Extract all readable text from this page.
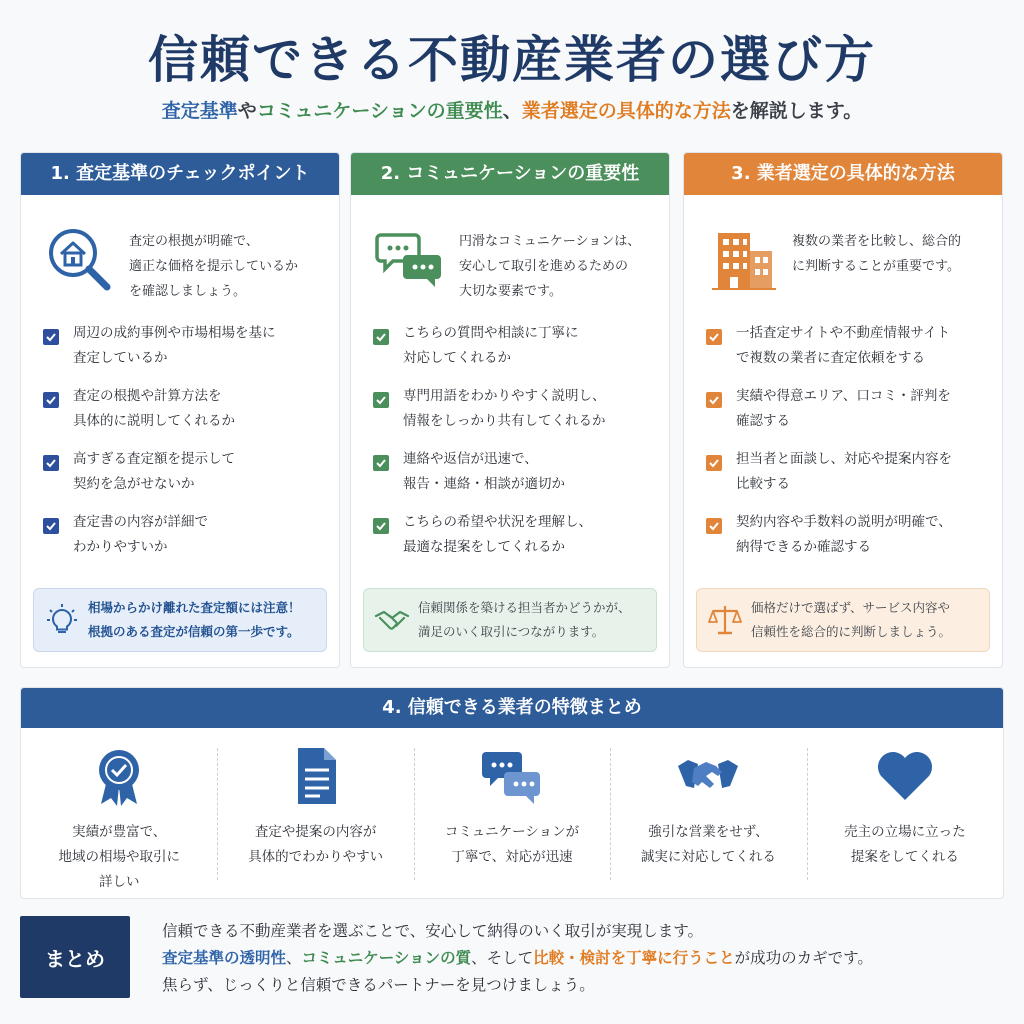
信頼できる不動産業者の選び方
査定基準やコミュニケーションの重要性、業者選定の具体的な方法を解説します。
1. 査定基準のチェックポイント
査定の根拠が明確で、
適正な価格を提示しているか
を確認しましょう。
周辺の成約事例や市場相場を基に
査定しているか
査定の根拠や計算方法を
具体的に説明してくれるか
高すぎる査定額を提示して
契約を急がせないか
査定書の内容が詳細で
わかりやすいか
相場からかけ離れた査定額には注意！
根拠のある査定が信頼の第一歩です。
2. コミュニケーションの重要性
円滑なコミュニケーションは、
安心して取引を進めるための
大切な要素です。
こちらの質問や相談に丁寧に
対応してくれるか
専門用語をわかりやすく説明し、
情報をしっかり共有してくれるか
連絡や返信が迅速で、
報告・連絡・相談が適切か
こちらの希望や状況を理解し、
最適な提案をしてくれるか
信頼関係を築ける担当者かどうかが、
満足のいく取引につながります。
3. 業者選定の具体的な方法
複数の業者を比較し、総合的
に判断することが重要です。
一括査定サイトや不動産情報サイト
で複数の業者に査定依頼をする
実績や得意エリア、口コミ・評判を
確認する
担当者と面談し、対応や提案内容を
比較する
契約内容や手数料の説明が明確で、
納得できるか確認する
価格だけで選ばず、サービス内容や
信頼性を総合的に判断しましょう。
4. 信頼できる業者の特徴まとめ
実績が豊富で、
地域の相場や取引に
詳しい
査定や提案の内容が
具体的でわかりやすい
コミュニケーションが
丁寧で、対応が迅速
強引な営業をせず、
誠実に対応してくれる
売主の立場に立った
提案をしてくれる
まとめ
信頼できる不動産業者を選ぶことで、安心して納得のいく取引が実現します。
査定基準の透明性、コミュニケーションの質、そして比較・検討を丁寧に行うことが成功のカギです。
焦らず、じっくりと信頼できるパートナーを見つけましょう。
